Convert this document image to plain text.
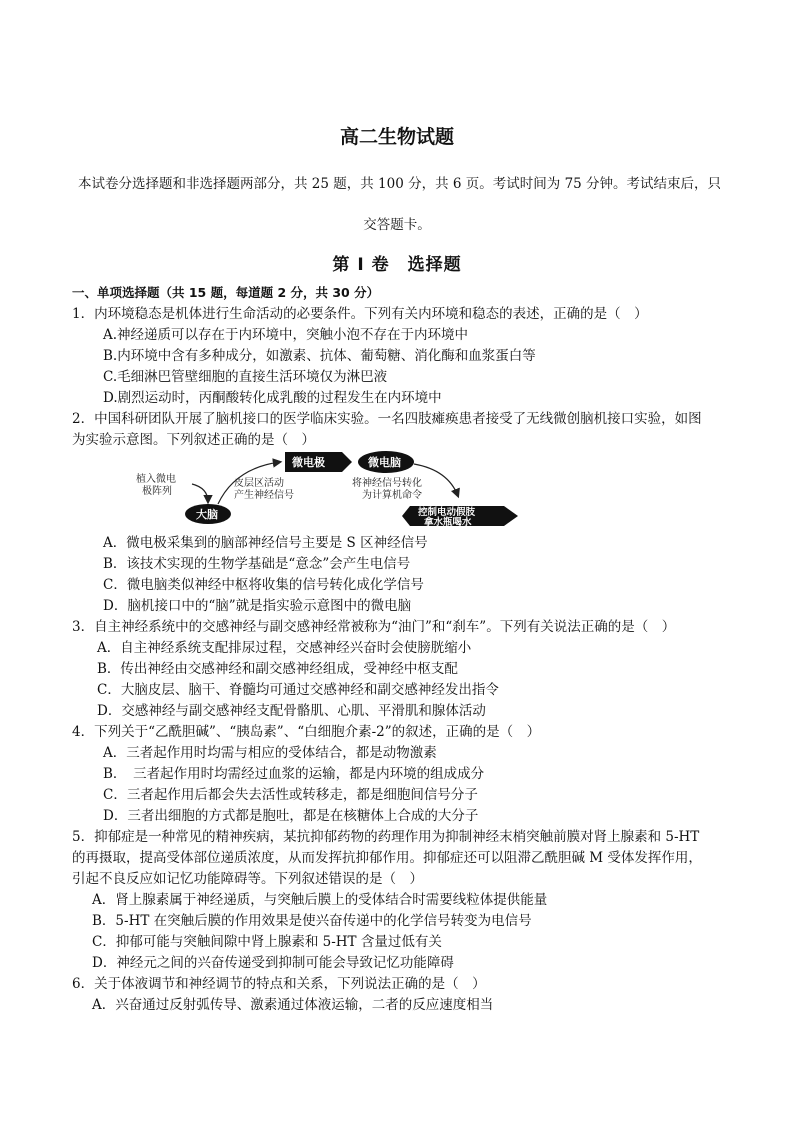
高二生物试题
本试卷分选择题和非选择题两部分，共 25 题，共 100 分，共 6 页。考试时间为 75 分钟。考试结束后，只
交答题卡。
第 Ⅰ 卷　选择题
一、单项选择题（共 15 题，每道题 2 分，共 30 分）
1．内环境稳态是机体进行生命活动的必要条件。下列有关内环境和稳态的表述，正确的是（　）
A.神经递质可以存在于内环境中，突触小泡不存在于内环境中
B.内环境中含有多种成分，如激素、抗体、葡萄糖、消化酶和血浆蛋白等
C.毛细淋巴管壁细胞的直接生活环境仅为淋巴液
D.剧烈运动时，丙酮酸转化成乳酸的过程发生在内环境中
2．中国科研团队开展了脑机接口的医学临床实验。一名四肢瘫痪患者接受了无线微创脑机接口实验，如图
为实验示意图。下列叙述正确的是（　）
植入微电
极阵列
大脑
微电极
皮层区活动
产生神经信号
微电脑
将神经信号转化
为计算机命令
控制电动假肢
拿水瓶喝水
A．微电极采集到的脑部神经信号主要是 S 区神经信号
B．该技术实现的生物学基础是“意念”会产生电信号
C．微电脑类似神经中枢将收集的信号转化成化学信号
D．脑机接口中的“脑”就是指实验示意图中的微电脑
3．自主神经系统中的交感神经与副交感神经常被称为“油门”和“刹车”。下列有关说法正确的是（　）
A．自主神经系统支配排尿过程，交感神经兴奋时会使膀胱缩小
B．传出神经由交感神经和副交感神经组成，受神经中枢支配
C．大脑皮层、脑干、脊髓均可通过交感神经和副交感神经发出指令
D．交感神经与副交感神经支配骨骼肌、心肌、平滑肌和腺体活动
4．下列关于“乙酰胆碱”、“胰岛素”、“白细胞介素-2”的叙述，正确的是（　）
A．三者起作用时均需与相应的受体结合，都是动物激素
B．　三者起作用时均需经过血浆的运输，都是内环境的组成成分
C．三者起作用后都会失去活性或转移走，都是细胞间信号分子
D．三者出细胞的方式都是胞吐，都是在核糖体上合成的大分子
5．抑郁症是一种常见的精神疾病，某抗抑郁药物的药理作用为抑制神经末梢突触前膜对肾上腺素和 5-HT
的再摄取，提高受体部位递质浓度，从而发挥抗抑郁作用。抑郁症还可以阻滞乙酰胆碱 M 受体发挥作用，
引起不良反应如记忆功能障碍等。下列叙述错误的是（　）
A．肾上腺素属于神经递质，与突触后膜上的受体结合时需要线粒体提供能量
B．5-HT 在突触后膜的作用效果是使兴奋传递中的化学信号转变为电信号
C．抑郁可能与突触间隙中肾上腺素和 5-HT 含量过低有关
D．神经元之间的兴奋传递受到抑制可能会导致记忆功能障碍
6．关于体液调节和神经调节的特点和关系，下列说法正确的是（　）
A．兴奋通过反射弧传导、激素通过体液运输，二者的反应速度相当
